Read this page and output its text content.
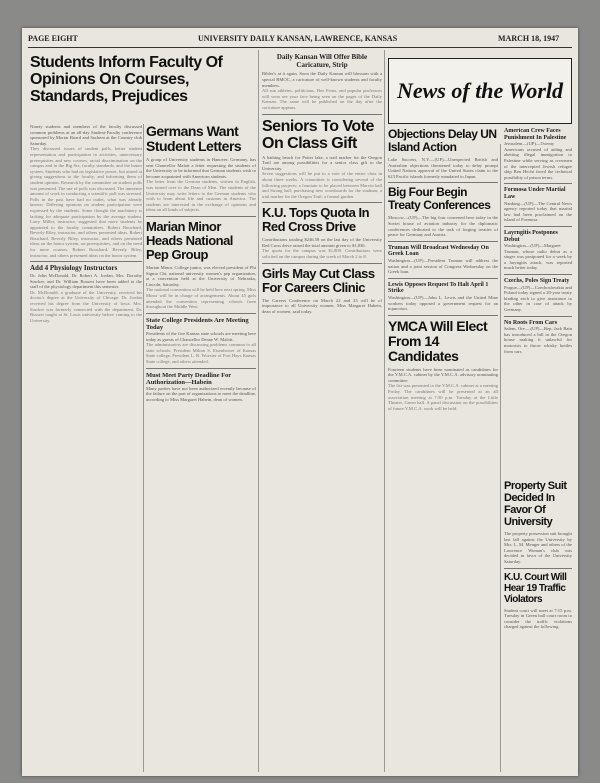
PAGE EIGHT	UNIVERSITY DAILY KANSAN, LAWRENCE, KANSAS	MARCH 18, 1947
Students Inform Faculty Of Opinions On Courses, Standards, Prejudices
Ninety students and members of the faculty discussed common problems at an all-day Student-Faculty conference sponsored by Mortar Board and Sachem at the Country club Saturday.
They discussed issues of student polls, better student representation and participation in activities, unnecessary prerequisites and new courses, racial discrimination on the campus and in the Big Six, faculty standards, and the honor system. Students who had no legislative power, but aimed at giving suggestions to the faculty, and informing them of student opinion. Research by the committee on student polls was presented. The use of polls was discussed. The immense amount of work in conducting a scientific poll was stressed. Polls in the past have had no outlet, what was already known. Differing opinions on student participation were expressed by the students. Some thought the machinery is lacking for adequate participation by the average student. Larry Miller, instructor, suggested that more students be appointed to the faculty committees. Robert Bouchard, Beverly Riley, instructor, and others presented ideas. Robert Bouchard, Beverly Riley, instructor, and others presented ideas on the honor system, on prerequisites, and on the need for more courses. Robert Bouchard, Beverly Riley, instructor, and others presented ideas on the honor system.
Add 4 Physiology Instructors
Dr. John McDonald, Dr. Robert A. Jordan, Mrs. Dorothy Stucker, and Dr. William Bossert have been added to the staff of the physiology department this semester.
Dr. McDonald, a graduate of the University, received his doctor's degree at the University of Chicago. Dr. Jordan received his degree from the University of Iowa. Mrs. Stucker was formerly connected with the department. Dr. Bossert taught at St. Louis university before coming to the University.
Germans Want Student Letters
A group of University students in Hanover, Germany, has sent Chancellor Malott a letter requesting the students of the University to be informed that German students wish to become acquainted with American students.
The letter from the German students, written in English, was turned over to the Dean of Men. The students of the University may write letters to the German students who wish to learn about life and customs in America. The students are interested in the exchange of opinions and ideas on all kinds of subjects.
Marian Minor Heads National Pep Group
Marian Minor, College junior, was elected president of Phi Sigma Chi, national university women's pep organization, at a convention held at the University of Nebraska, Lincoln, Saturday.
The national convention will be held here next spring. Miss Minor will be in charge of arrangements. About 45 girls attended the convention representing schools from throughout the Middle West.
State College Presidents Are Meeting Today
Presidents of the five Kansas state schools are meeting here today as guests of Chancellor Deane W. Malott.
The administrators are discussing problems common to all state schools. President Milton S. Eisenhower of Kansas State college, President L. B. Woester of Fort Hays Kansas State college, and others attended.
Must Meet Party Deadline For Authorization—Habein
Many parties have not been authorized recently because of the failure on the part of organizations to meet the deadline, according to Miss Margaret Habein, dean of women.
Daily Kansan Will Offer Bible Caricature, Strip
Bibler's at it again. Soon the Daily Kansan will blossom with a special BMOC, a caricature of well-known students and faculty members.
All sun athletes, politicians, Hoe Ferns, and popular professors will soon see your face being seen on the pages of the Daily Kansan. The same will be published on the day after the caricature appears.
Seniors To Vote On Class Gift
A bathing beach for Potter lake, a trail marker for the Oregon Trail are among possibilities for a senior class gift to the University.
Seven suggestions will be put to a vote of the entire class in about three weeks. A committee is considering several of the following projects: a fountain to be placed between Marvin hall and Strong hall; purchasing new scoreboards for the stadium; a trail marker for the Oregon Trail; a formal garden.
K.U. Tops Quota In Red Cross Drive
Contributions totaling $246.58 on the last day of the University Red Cross drive raised the total amount given to $1,836.
The quota for the campus was $1,800. Contributions were solicited on the campus during the week of March 2 to 8.
Girls May Cut Class For Careers Clinic
The Careers Conference on March 22 and 23 will be of importance to all University women, Miss Margaret Habein, dean of women, said today.
Objections Delay UN Island Action
Lake Success, N.Y.—(UP)—Unexpected British and Australian objections threatened today to delay prompt United Nations approval of the United States claim to the 623 Pacific islands formerly mandated to Japan.
Big Four Begin Treaty Conferences
Moscow—(UP)—The big four convened here today in the Soviet house of aviation industry for the diplomatic conferences dedicated to the task of forging treaties of peace for Germany and Austria.
Truman Will Broadcast Wednesday On Greek Loan
Washington—(UP)—President Truman will address the nation and a joint session of Congress Wednesday on the Greek loan.
Lewis Opposes Request To Halt April 1 Strike
Washington—(UP)—John L. Lewis and the United Mine workers today opposed a government request for an injunction.
YMCA Will Elect From 14 Candidates
Fourteen students have been nominated as candidates for the Y.M.C.A. cabinet by the Y.M.C.A. advisory nominating committee.
The list was presented to the Y.M.C.A. cabinet at a meeting Friday. The candidates will be presented at an all association meeting at 7:30 p.m. Tuesday at the Little Theater, Green hall. A panel discussion on the possibilities of future Y.M.C.A. work will be held.
News of the World
American Crew Faces Punishment In Palestine
Jerusalem—(UP)—Twenty Americans accused of aiding and abetting illegal immigration to Palestine while serving as crewmen of the intercepted Jewish refugee ship Ben Hecht faced the technical possibility of prison terms.
Formosa Under Martial Law
Nanking—(UP)—The Central News agency reported today that martial law had been proclaimed on the island of Formosa.
Layrngitis Postpones Debut
Washington—(UP)—Margaret Truman, whose radio debut as a singer was postponed for a week by a laryngitis attack, was reported much better today.
Czechs, Poles Sign Treaty
Prague—(UP)—Czechoslovakia and Poland today signed a 20-year treaty binding each to give assistance to the other in case of attack by Germany.
No Roots From Cars
Salem, Ore.—(UP)—Rep. Jack Bain has introduced a bill in the Oregon house making it unlawful for motorists to throw whisky bottles from cars.
Property Suit Decided In Favor Of University
The property possession suit brought last fall against the University by Mrs. L. M. Menger and others of the Lawrence Woman's club was decided in favor of the University Saturday.
K.U. Court Will Hear 19 Traffic Violators
Student court will meet at 7:15 p.m. Tuesday in Green hall court room to consider the traffic violations charged against the following.
